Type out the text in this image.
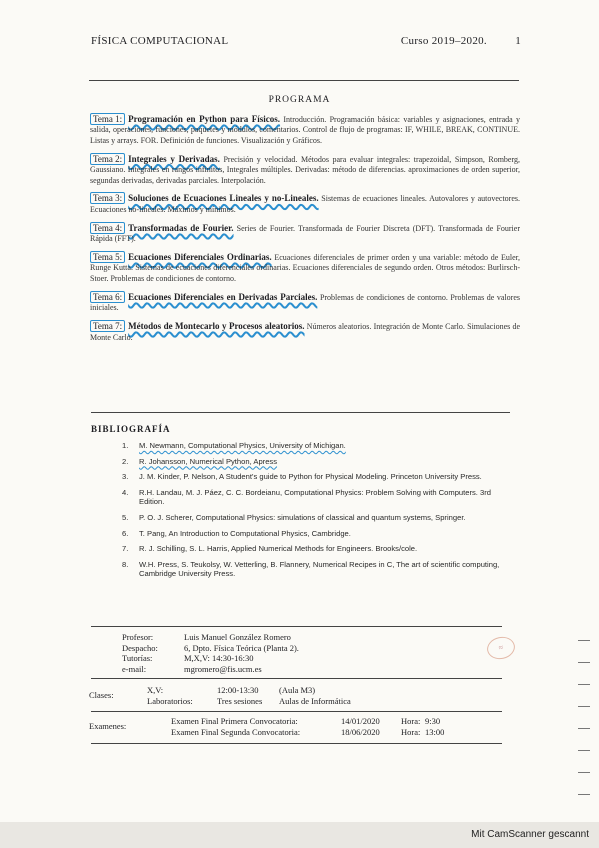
FÍSICA COMPUTACIONAL	Curso 2019–2020.	1
PROGRAMA
Tema 1: Programación en Python para Físicos. Introducción. Programación básica: variables y asignaciones, entrada y salida, operaciones, funciones, paquetes y módulos, comentarios. Control de flujo de programas: IF, WHILE, BREAK, CONTINUE. Listas y arrays. FOR. Definición de funciones. Visualización y Gráficos.
Tema 2: Integrales y Derivadas. Precisión y velocidad. Métodos para evaluar integrales: trapezoidal, Simpson, Romberg, Gaussiano. Integrales en rangos infinitos, Integrales múltiples. Derivadas: método de diferencias. aproximaciones de orden superior, segundas derivadas, derivadas parciales. Interpolación.
Tema 3: Soluciones de Ecuaciones Lineales y no-Lineales. Sistemas de ecuaciones lineales. Autovalores y autovectores. Ecuaciones no-lineales. Máximos y mínimos.
Tema 4: Transformadas de Fourier. Series de Fourier. Transformada de Fourier Discreta (DFT). Transformada de Fourier Rápida (FFT).
Tema 5: Ecuaciones Diferenciales Ordinarias. Ecuaciones diferenciales de primer orden y una variable: método de Euler, Runge Kutta. Sistemas de ecuaciones diferenciales ordinarias. Ecuaciones diferenciales de segundo orden. Otros métodos: Burlirsch-Stoer. Problemas de condiciones de contorno.
Tema 6: Ecuaciones Diferenciales en Derivadas Parciales. Problemas de condiciones de contorno. Problemas de valores iniciales.
Tema 7: Métodos de Montecarlo y Procesos aleatorios. Números aleatorios. Integración de Monte Carlo. Simulaciones de Monte Carlo.
BIBLIOGRAFÍA
1. M. Newmann, Computational Physics, University of Michigan.
2. R. Johansson, Numerical Python, Apress
3. J. M. Kinder, P. Nelson, A Student's guide to Python for Physical Modeling. Princeton University Press.
4. R.H. Landau, M. J. Páez, C. C. Bordeianu, Computational Physics: Problem Solving with Computers. 3rd Edition.
5. P. O. J. Scherer, Computational Physics: simulations of classical and quantum systems, Springer.
6. T. Pang, An Introduction to Computational Physics, Cambridge.
7. R. J. Schilling, S. L. Harris, Applied Numerical Methods for Engineers. Brooks/cole.
8. W.H. Press, S. Teukolsy, W. Vetterling, B. Flannery, Numerical Recipes in C, The art of scientific computing, Cambridge University Press.
Profesor:	Luis Manuel González Romero
Despacho:	6, Dpto. Física Teórica (Planta 2).
Tutorías:	M,X,V: 14:30-16:30
e-mail:	mgromero@fis.ucm.es
≈
Clases:	X,V:	12:00-13:30	(Aula M3)
Laboratorios:	Tres sesiones	Aulas de Informática
Examenes:	Examen Final Primera Convocatoria:	14/01/2020	Hora: 9:30
Examen Final Segunda Convocatoria:	18/06/2020	Hora: 13:00
Mit CamScanner gescannt
